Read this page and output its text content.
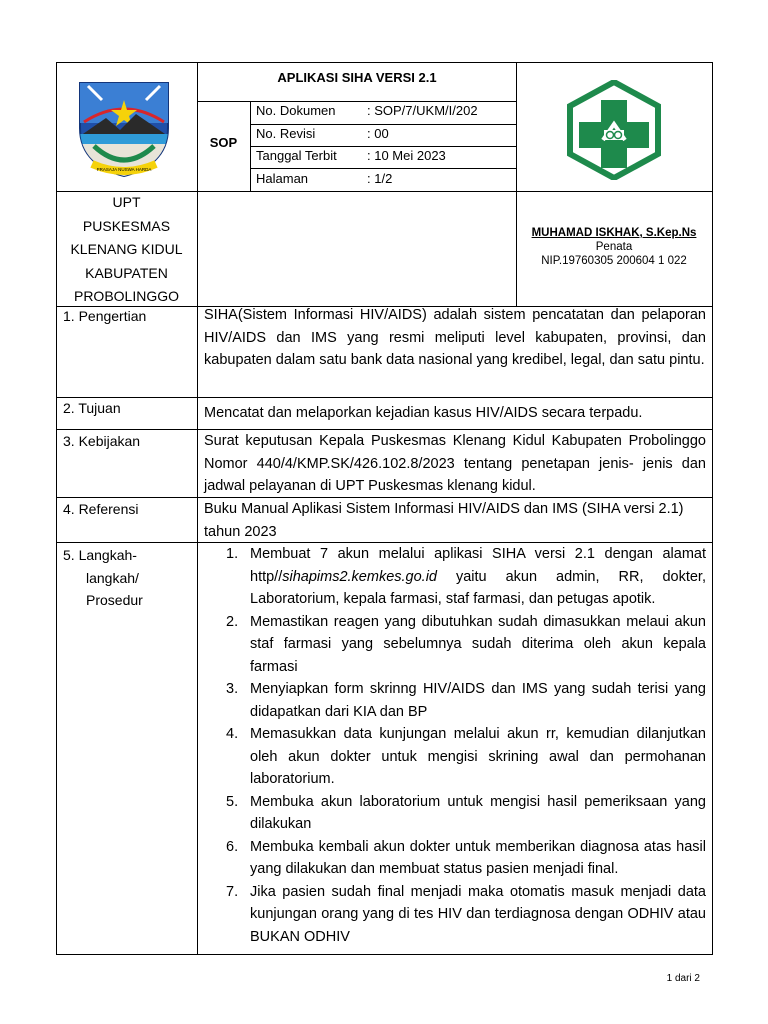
PRASAJA NUSWA HARDA
APLIKASI SIHA VERSI 2.1
SOP
No. Dokumen : SOP/7/UKM/I/202
No. Revisi	: 00
Tanggal Terbit : 10 Mei 2023
Halaman	: 1/2
UPT
PUSKESMAS
KLENANG KIDUL
KABUPATEN
PROBOLINGGO
MUHAMAD ISKHAK, S.Kep.Ns
Penata
NIP.19760305 200604 1 022
1. Pengertian	SIHA(Sistem Informasi HIV/AIDS) adalah sistem pencatatan dan pelaporan HIV/AIDS dan IMS yang resmi meliputi level kabupaten, provinsi, dan kabupaten dalam satu bank data nasional yang kredibel, legal, dan satu pintu.
2. Tujuan	Mencatat dan melaporkan kejadian kasus HIV/AIDS secara terpadu.
3. Kebijakan	Surat keputusan Kepala Puskesmas Klenang Kidul Kabupaten Probolinggo Nomor 440/4/KMP.SK/426.102.8/2023 tentang penetapan jenis- jenis dan jadwal pelayanan di UPT Puskesmas klenang kidul.
4. Referensi	Buku Manual Aplikasi Sistem Informasi HIV/AIDS dan IMS (SIHA versi 2.1) tahun 2023
5. Langkah-
langkah/
Prosedur
1. Membuat 7 akun melalui aplikasi SIHA versi 2.1 dengan alamat http//sihapims2.kemkes.go.id yaitu akun admin, RR, dokter, Laboratorium, kepala farmasi, staf farmasi, dan petugas apotik.
2. Memastikan reagen yang dibutuhkan sudah dimasukkan melaui akun staf farmasi yang sebelumnya sudah diterima oleh akun kepala farmasi
3. Menyiapkan form skrinng HIV/AIDS dan IMS yang sudah terisi yang didapatkan dari KIA dan BP
4. Memasukkan data kunjungan melalui akun rr, kemudian dilanjutkan oleh akun dokter untuk mengisi skrining awal dan permohanan laboratorium.
5. Membuka akun laboratorium untuk mengisi hasil pemeriksaan yang dilakukan
6. Membuka kembali akun dokter untuk memberikan diagnosa atas hasil yang dilakukan dan membuat status pasien menjadi final.
7. Jika pasien sudah final menjadi maka otomatis masuk menjadi data kunjungan orang yang di tes HIV dan terdiagnosa dengan ODHIV atau BUKAN ODHIV
1 dari 2
